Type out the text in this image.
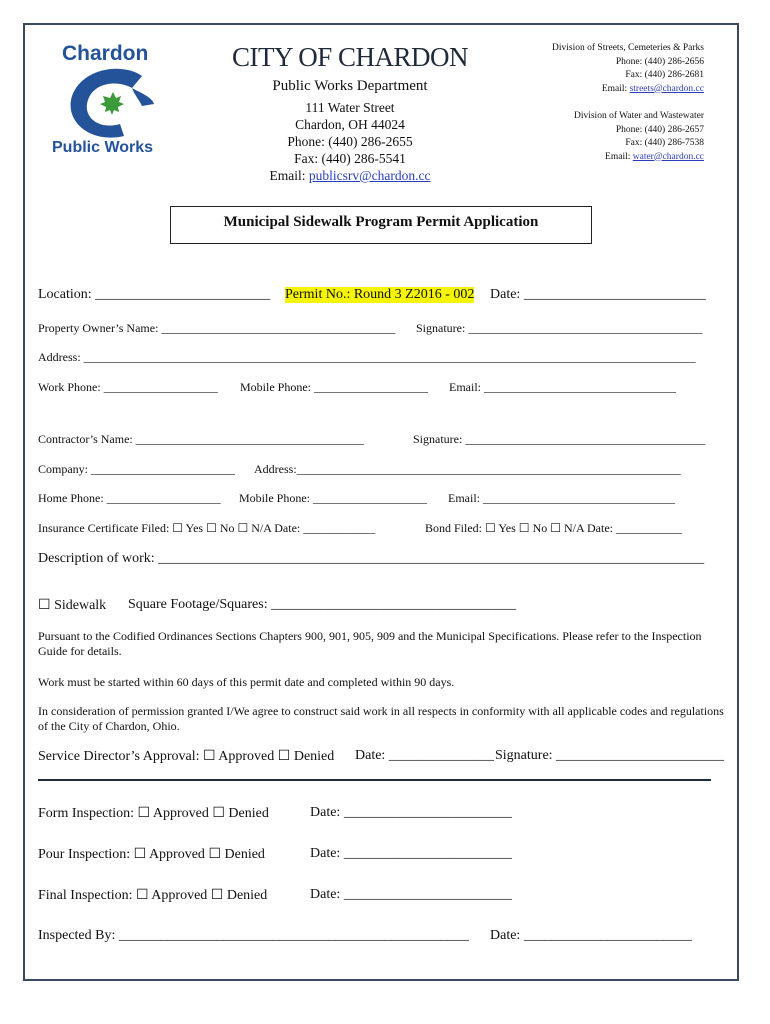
Chardon
Public Works
CITY OF CHARDON
Public Works Department
111 Water Street
Chardon, OH 44024
Phone: (440) 286-2655
Fax: (440) 286-5541
Email: publicsrv@chardon.cc
Division of Streets, Cemeteries & Parks
Phone: (440) 286-2656
Fax: (440) 286-2681
Email: streets@chardon.cc
Division of Water and Wastewater
Phone: (440) 286-2657
Fax: (440) 286-7538
Email: water@chardon.cc
Municipal Sidewalk Program Permit Application
Location: _________________________ Permit No.: Round 3 Z2016 - 002 Date: __________________________
Property Owner’s Name: _______________________________________ Signature: _______________________________________
Address: ______________________________________________________________________________________________________
Work Phone: ___________________ Mobile Phone: ___________________ Email: ________________________________
Contractor’s Name: ______________________________________	Signature: ________________________________________
Company: ________________________ Address:________________________________________________________________
Home Phone: ___________________ Mobile Phone: ___________________ Email: ________________________________
Insurance Certificate Filed: ☐ Yes ☐ No ☐ N/A Date: ____________	Bond Filed: ☐ Yes ☐ No ☐ N/A Date: ___________
Description of work: ______________________________________________________________________________
☐ Sidewalk Square Footage/Squares: ___________________________________
Pursuant to the Codified Ordinances Sections Chapters 900, 901, 905, 909 and the Municipal Specifications. Please refer to the Inspection Guide for details.
Work must be started within 60 days of this permit date and completed within 90 days.
In consideration of permission granted I/We agree to construct said work in all respects in conformity with all applicable codes and regulations of the City of Chardon, Ohio.
Service Director’s Approval: ☐ Approved ☐ Denied Date: _______________ Signature: ________________________
Form Inspection: ☐ Approved ☐ Denied	Date: ________________________
Pour Inspection: ☐ Approved ☐ Denied	Date: ________________________
Final Inspection: ☐ Approved ☐ Denied	Date: ________________________
Inspected By: __________________________________________________ Date: ________________________
